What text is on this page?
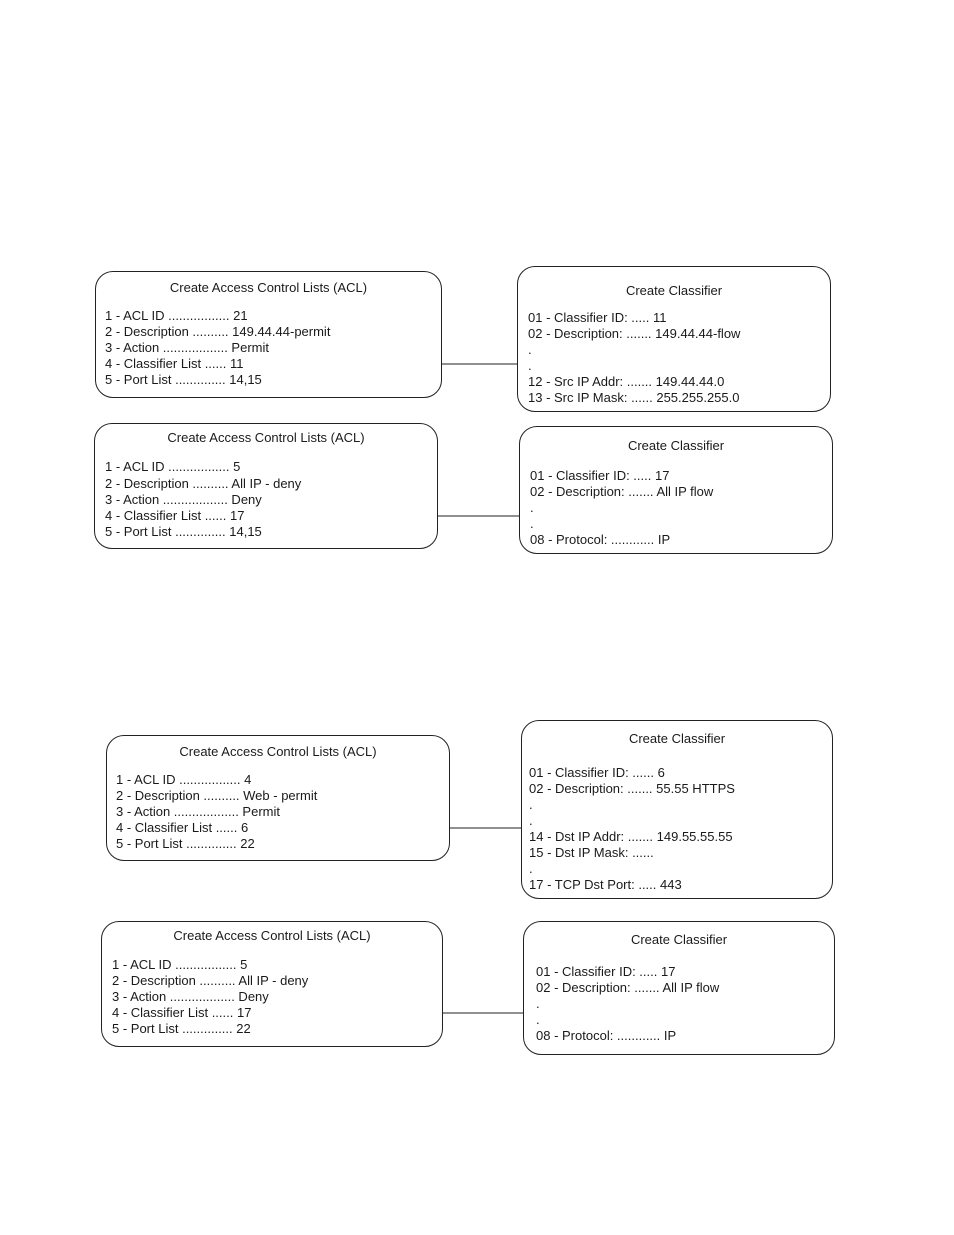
Create Access Control Lists (ACL)
1 - ACL ID ................. 21
2 - Description .......... 149.44.44-permit
3 - Action .................. Permit
4 - Classifier List ...... 11
5 - Port List .............. 14,15
Create Classifier
01 - Classifier ID: ..... 11
02 - Description: ....... 149.44.44-flow
.
.
12 - Src IP Addr: ....... 149.44.44.0
13 - Src IP Mask: ...... 255.255.255.0
Create Access Control Lists (ACL)
1 - ACL ID ................. 5
2 - Description .......... All IP - deny
3 - Action .................. Deny
4 - Classifier List ...... 17
5 - Port List .............. 14,15
Create Classifier
01 - Classifier ID: ..... 17
02 - Description: ....... All IP flow
.
.
08 - Protocol: ............ IP
Create Access Control Lists (ACL)
1 - ACL ID ................. 4
2 - Description .......... Web - permit
3 - Action .................. Permit
4 - Classifier List ...... 6
5 - Port List .............. 22
Create Classifier
01 - Classifier ID: ...... 6
02 - Description: ....... 55.55 HTTPS
.
.
14 - Dst IP Addr: ....... 149.55.55.55
15 - Dst IP Mask: ......
.
17 - TCP Dst Port: ..... 443
Create Access Control Lists (ACL)
1 - ACL ID ................. 5
2 - Description .......... All IP - deny
3 - Action .................. Deny
4 - Classifier List ...... 17
5 - Port List .............. 22
Create Classifier
01 - Classifier ID: ..... 17
02 - Description: ....... All IP flow
.
.
08 - Protocol: ............ IP
